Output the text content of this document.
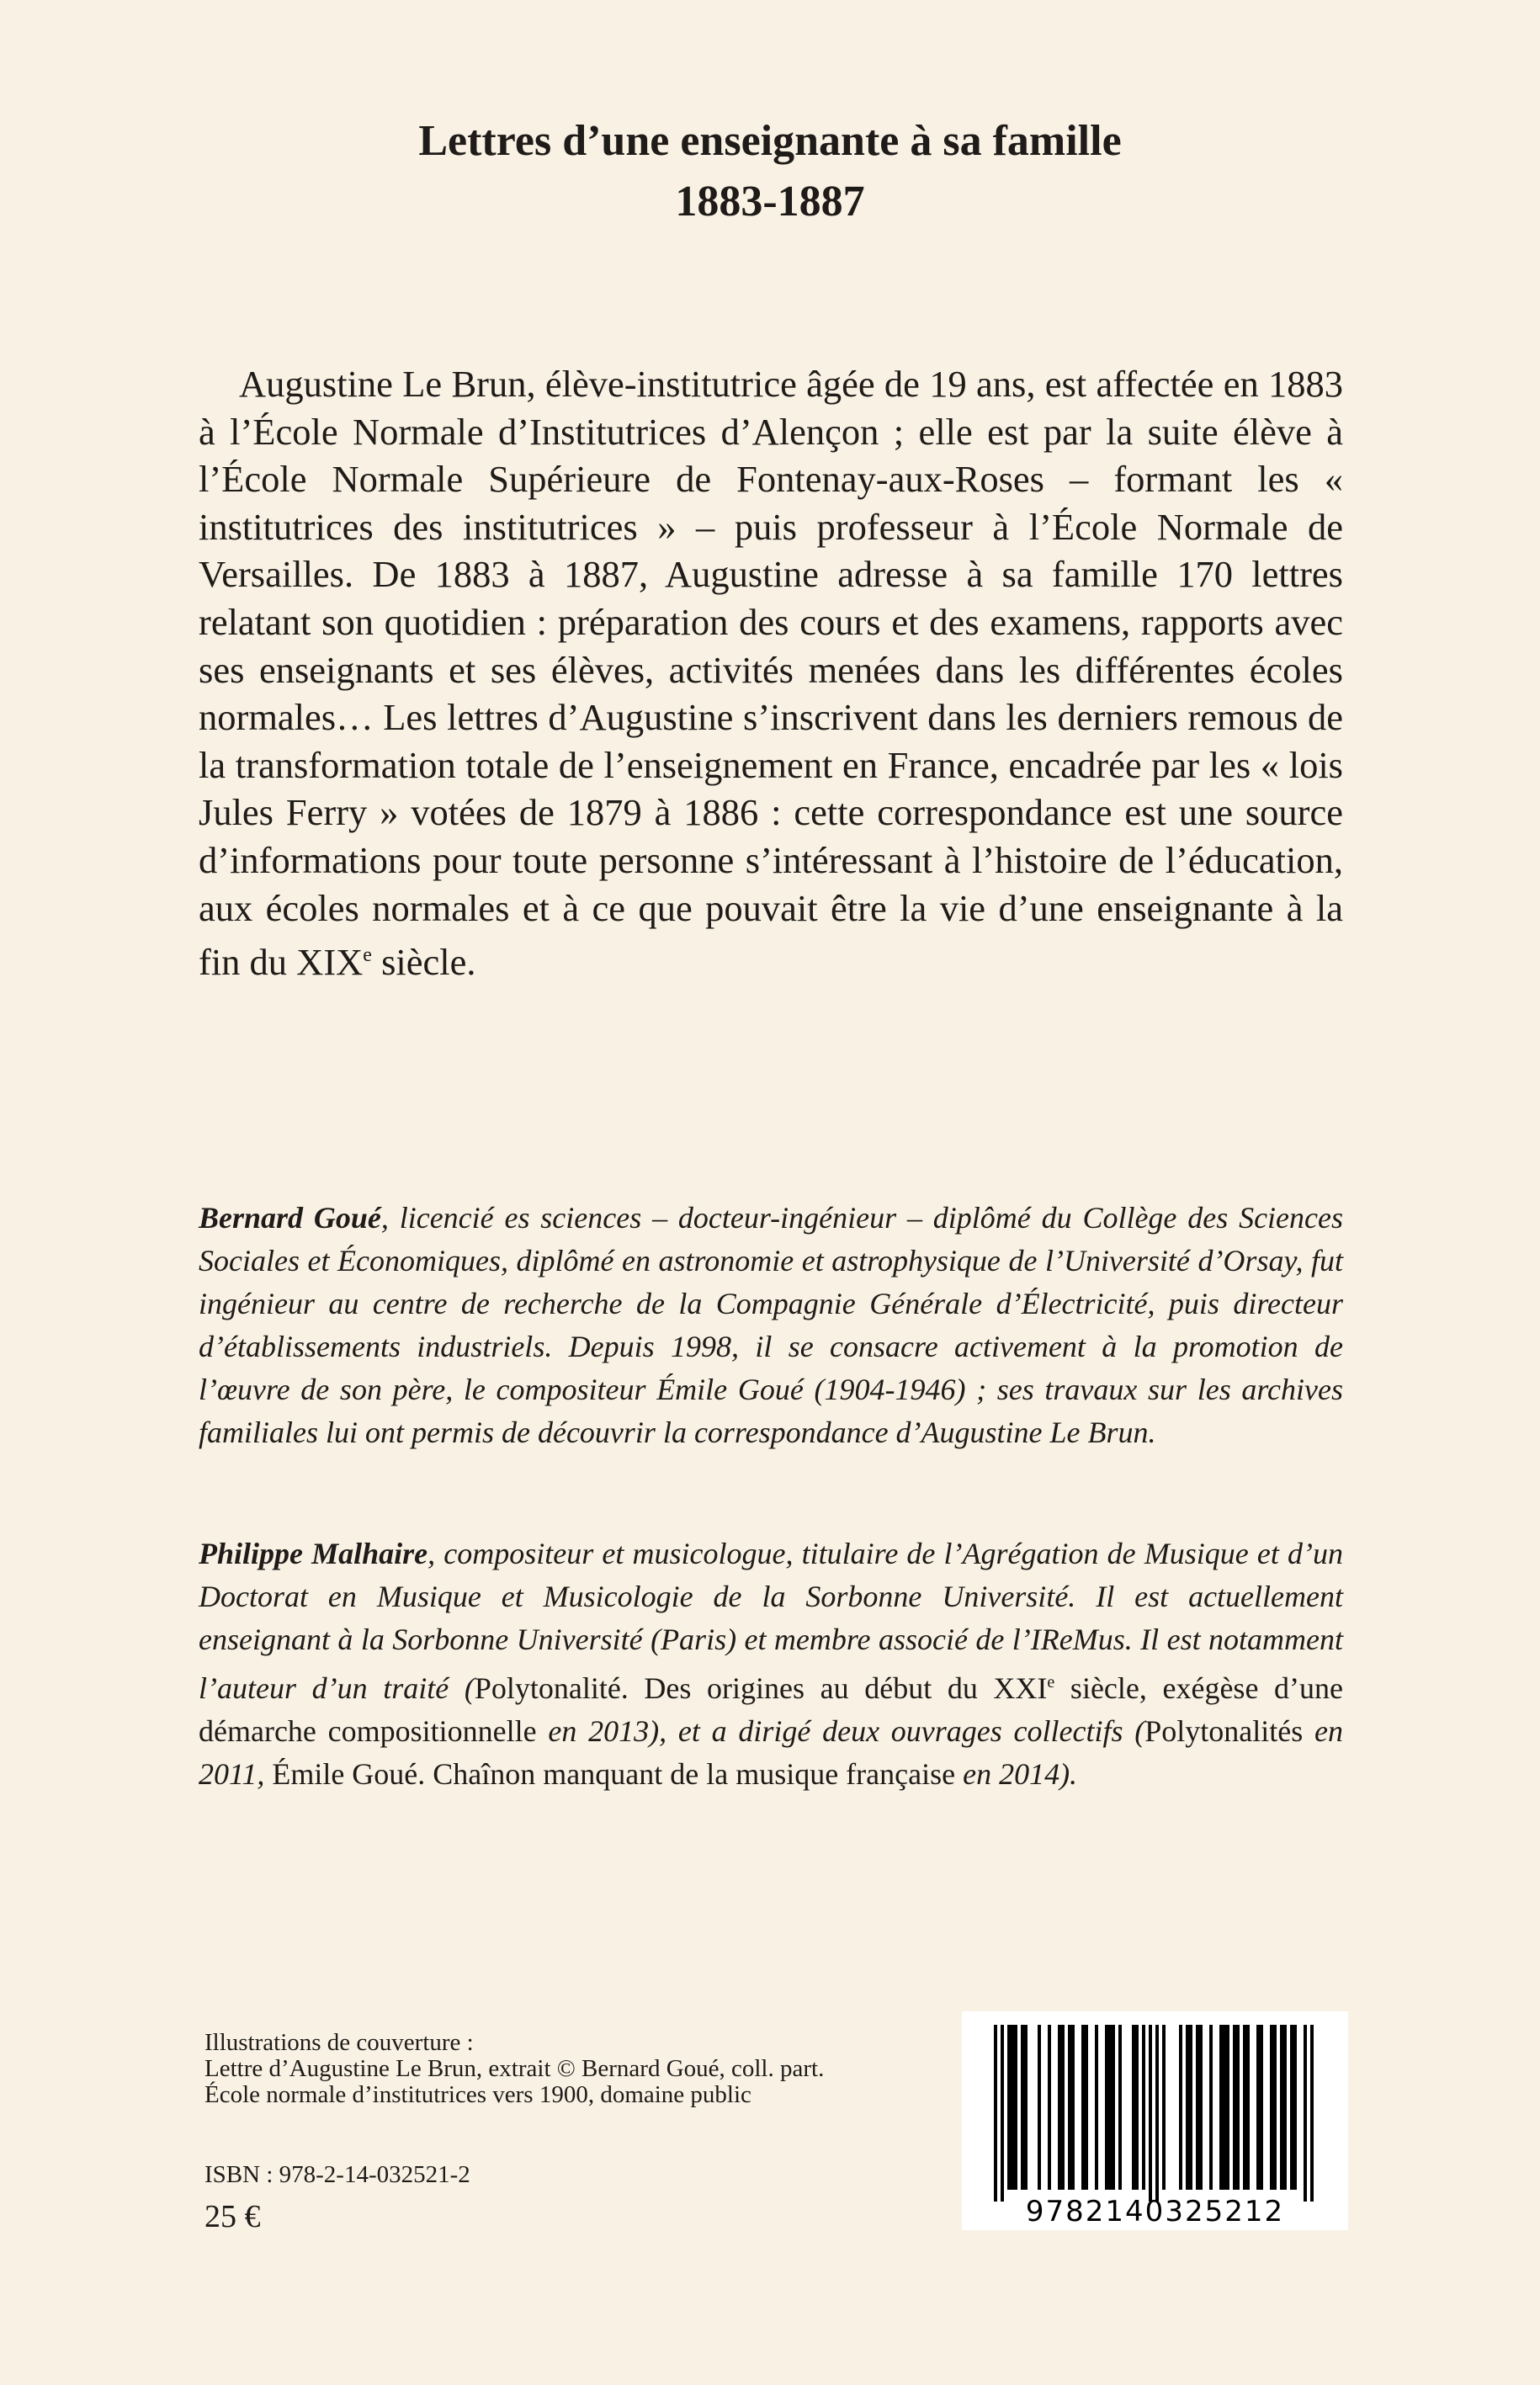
Lettres d’une enseignante à sa famille
1883-1887

Augustine Le Brun, élève-institutrice âgée de 19 ans, est affectée en 1883 à l’École Normale d’Institutrices d’Alençon ; elle est par la suite élève à l’École Normale Supérieure de Fontenay-aux-Roses – formant les « institutrices des institutrices » – puis professeur à l’École Normale de Versailles. De 1883 à 1887, Augustine adresse à sa famille 170 lettres relatant son quotidien : préparation des cours et des examens, rapports avec ses enseignants et ses élèves, activités menées dans les différentes écoles normales… Les lettres d’Augustine s’inscrivent dans les derniers remous de la transformation totale de l’enseignement en France, encadrée par les « lois Jules Ferry » votées de 1879 à 1886 : cette correspondance est une source d’informations pour toute personne s’intéressant à l’histoire de l’éducation, aux écoles normales et à ce que pouvait être la vie d’une enseignante à la fin du XIXe siècle.

Bernard Goué, licencié es sciences – docteur-ingénieur – diplômé du Collège des Sciences Sociales et Économiques, diplômé en astronomie et astrophysique de l’Université d’Orsay, fut ingénieur au centre de recherche de la Compagnie Générale d’Électricité, puis directeur d’établissements industriels. Depuis 1998, il se consacre activement à la promotion de l’œuvre de son père, le compositeur Émile Goué (1904-1946) ; ses travaux sur les archives familiales lui ont permis de découvrir la correspondance d’Augustine Le Brun.

Philippe Malhaire, compositeur et musicologue, titulaire de l’Agrégation de Musique et d’un Doctorat en Musique et Musicologie de la Sorbonne Université. Il est actuellement enseignant à la Sorbonne Université (Paris) et membre associé de l’IReMus. Il est notamment l’auteur d’un traité (Polytonalité. Des origines au début du XXIe siècle, exégèse d’une démarche compositionnelle en 2013), et a dirigé deux ouvrages collectifs (Polytonalités en 2011, Émile Goué. Chaînon manquant de la musique française en 2014).

Illustrations de couverture :
Lettre d’Augustine Le Brun, extrait © Bernard Goué, coll. part.
École normale d’institutrices vers 1900, domaine public
ISBN : 978-2-14-032521-2
25 €	9782140325212
